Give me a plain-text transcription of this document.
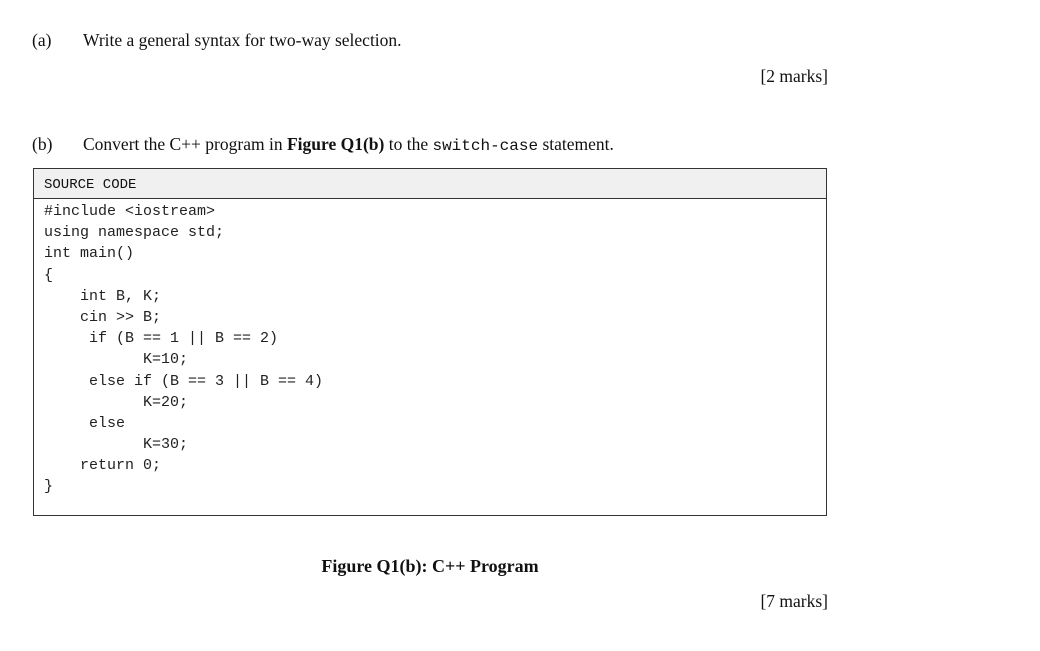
(a) Write a general syntax for two-way selection.
[2 marks]
(b) Convert the C++ program in Figure Q1(b) to the switch-case statement.
SOURCE CODE
#include <iostream>
using namespace std;
int main()
{
int B, K;
cin >> B;
if (B == 1 || B == 2)
K=10;
else if (B == 3 || B == 4)
K=20;
else
K=30;
return 0;
}
Figure Q1(b): C++ Program
[7 marks]
